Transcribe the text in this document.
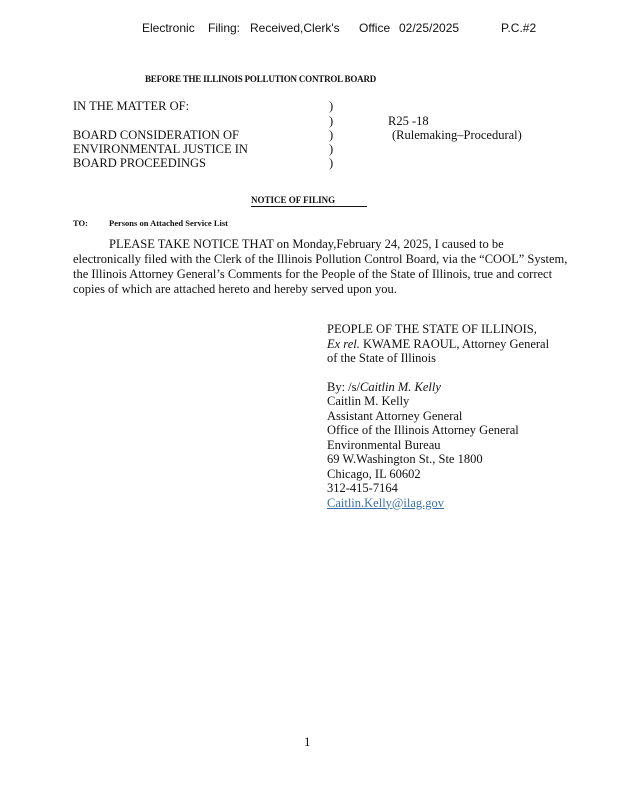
Electronic Filing: Received,Clerk's Office 02/25/2025	P.C.#2
BEFORE THE ILLINOIS POLLUTION CONTROL BOARD
IN THE MATTER OF:
BOARD CONSIDERATION OF
ENVIRONMENTAL JUSTICE IN
BOARD PROCEEDINGS
)
)
)
)
)
R25 -18
(Rulemaking–Procedural)
NOTICE OF FILING
TO: Persons on Attached Service List
PLEASE TAKE NOTICE THAT on Monday,February 24, 2025, I caused to be
electronically filed with the Clerk of the Illinois Pollution Control Board, via the “COOL” System,
the Illinois Attorney General’s Comments for the People of the State of Illinois, true and correct
copies of which are attached hereto and hereby served upon you.
PEOPLE OF THE STATE OF ILLINOIS,
Ex rel. KWAME RAOUL, Attorney General
of the State of Illinois
By: /s/Caitlin M. Kelly
Caitlin M. Kelly
Assistant Attorney General
Office of the Illinois Attorney General
Environmental Bureau
69 W.Washington St., Ste 1800
Chicago, IL 60602
312-415-7164
Caitlin.Kelly@ilag.gov
1
